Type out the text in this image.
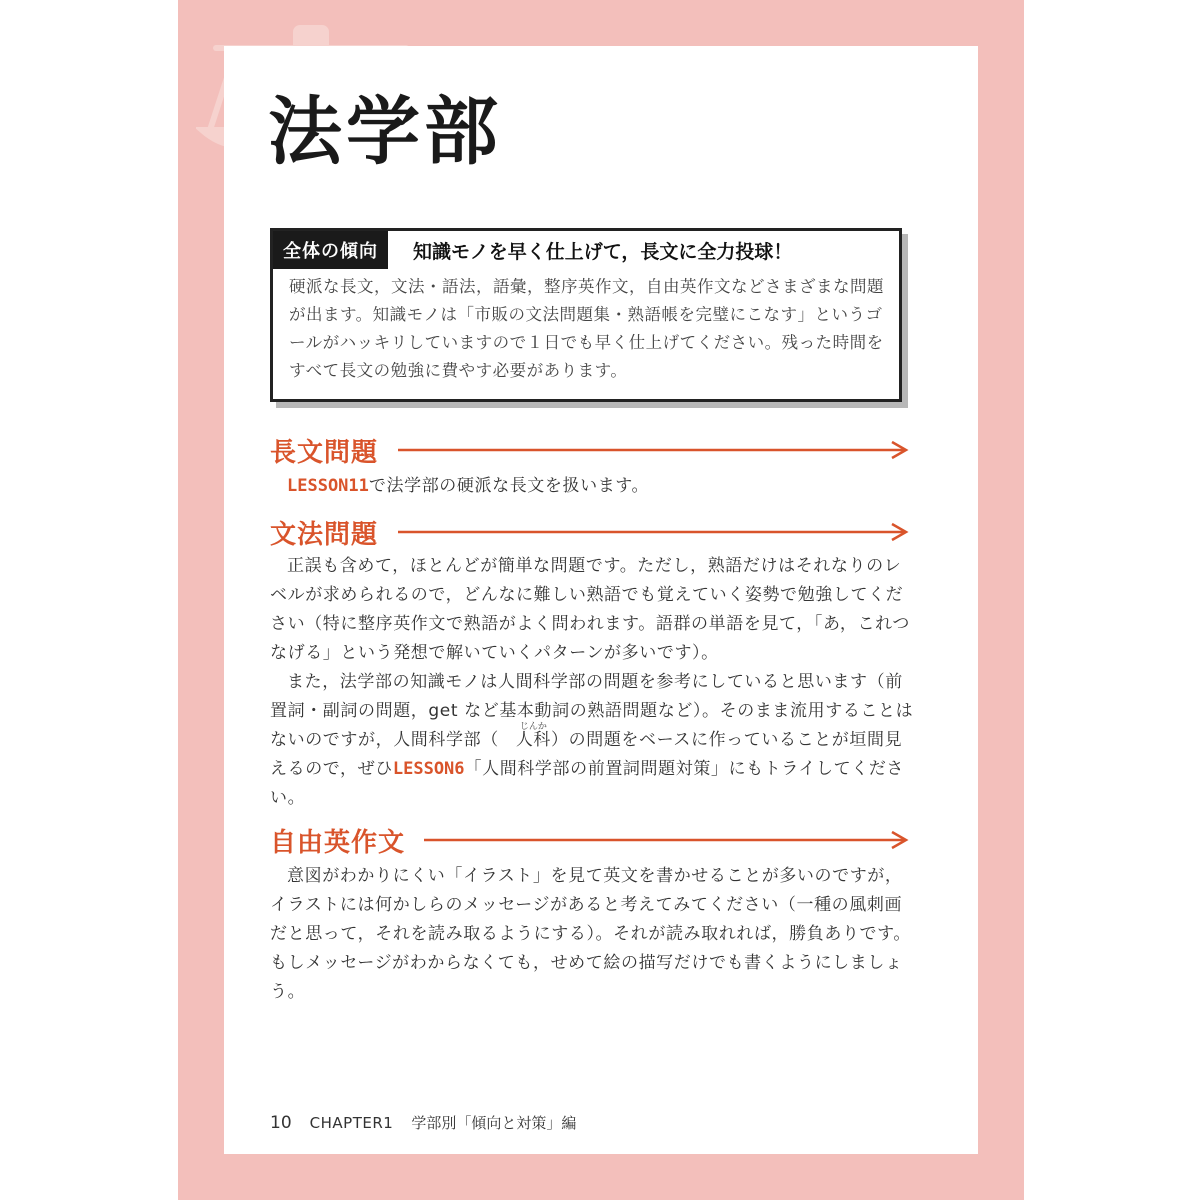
法学部
全体の傾向	知識モノを早く仕上げて，長文に全力投球！

硬派な長文，文法・語法，語彙，整序英作文，自由英作文などさまざまな問題が出ます。知識モノは「市販の文法問題集・熟語帳を完璧にこなす」というゴールがハッキリしていますので１日でも早く仕上げてください。残った時間をすべて長文の勉強に費やす必要があります。

長文問題

LESSON11で法学部の硬派な長文を扱います。

文法問題

正誤も含めて，ほとんどが簡単な問題です。ただし，熟語だけはそれなりのレベルが求められるので，どんなに難しい熟語でも覚えていく姿勢で勉強してください（特に整序英作文で熟語がよく問われます。語群の単語を見て，「あ，これつなげる」という発想で解いていくパターンが多いです）。

また，法学部の知識モノは人間科学部の問題を参考にしていると思います（前置詞・副詞の問題，get など基本動詞の熟語問題など）。そのまま流用することはないのですが，人間科学部（
じんか
人科）の問題をベースに作っていることが垣間見えるので，ぜひLESSON6「人間科学部の前置詞問題対策」にもトライしてください。

自由英作文

意図がわかりにくい「イラスト」を見て英文を書かせることが多いのですが，イラストには何かしらのメッセージがあると考えてみてください（一種の風刺画だと思って，それを読み取るようにする）。それが読み取れれば，勝負ありです。もしメッセージがわからなくても，せめて絵の描写だけでも書くようにしましょう。

10 CHAPTER1 学部別「傾向と対策」編
